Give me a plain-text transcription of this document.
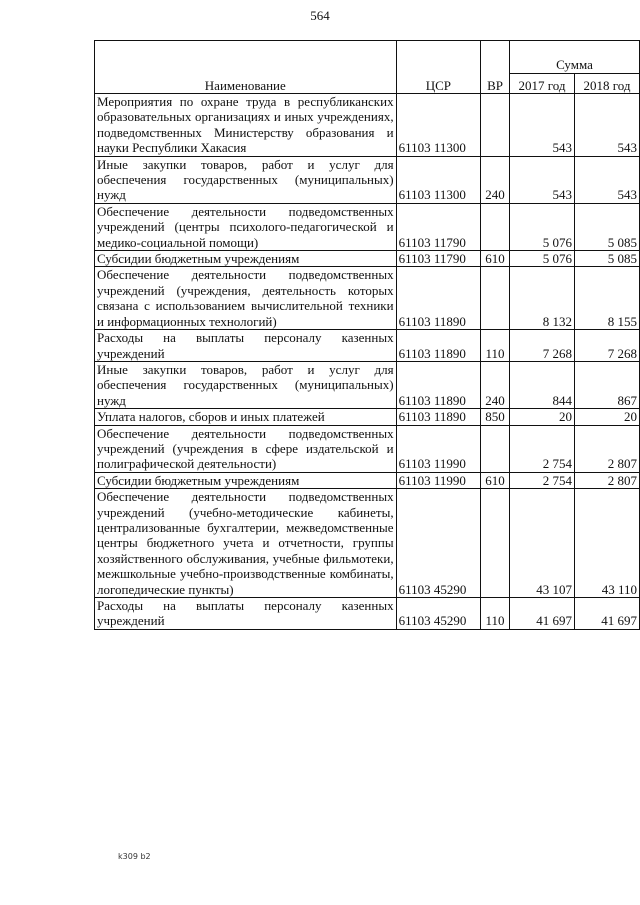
564
Наименование	ЦСР	ВР	Сумма	
			2017 год	2018 год
Мероприятия по охране труда в республиканских образовательных организациях и иных учреждениях, подведомственных Министерству образования и науки Республики Хакасия	61103 11300		543	543
Иные закупки товаров, работ и услуг для обеспечения государственных (муниципальных) нужд	61103 11300	240	543	543
Обеспечение деятельности подведомственных учреждений (центры психолого-педагогической и медико-социальной помощи)	61103 11790		5 076	5 085
Субсидии бюджетным учреждениям	61103 11790	610	5 076	5 085
Обеспечение деятельности подведомственных учреждений (учреждения, деятельность которых связана с использованием вычислительной техники и информационных технологий)	61103 11890		8 132	8 155
Расходы на выплаты персоналу казенных учреждений	61103 11890	110	7 268	7 268
Иные закупки товаров, работ и услуг для обеспечения государственных (муниципальных) нужд	61103 11890	240	844	867
Уплата налогов, сборов и иных платежей	61103 11890	850	20	20
Обеспечение деятельности подведомственных учреждений (учреждения в сфере издательской и полиграфической деятельности)	61103 11990		2 754	2 807
Субсидии бюджетным учреждениям	61103 11990	610	2 754	2 807
Обеспечение деятельности подведомственных учреждений (учебно-методические кабинеты, централизованные бухгалтерии, межведомственные центры бюджетного учета и отчетности, группы хозяйственного обслуживания, учебные фильмотеки, межшкольные учебно-производственные комбинаты, логопедические пункты)	61103 45290		43 107	43 110
Расходы на выплаты персоналу казенных учреждений	61103 45290	110	41 697	41 697
k309 b2
